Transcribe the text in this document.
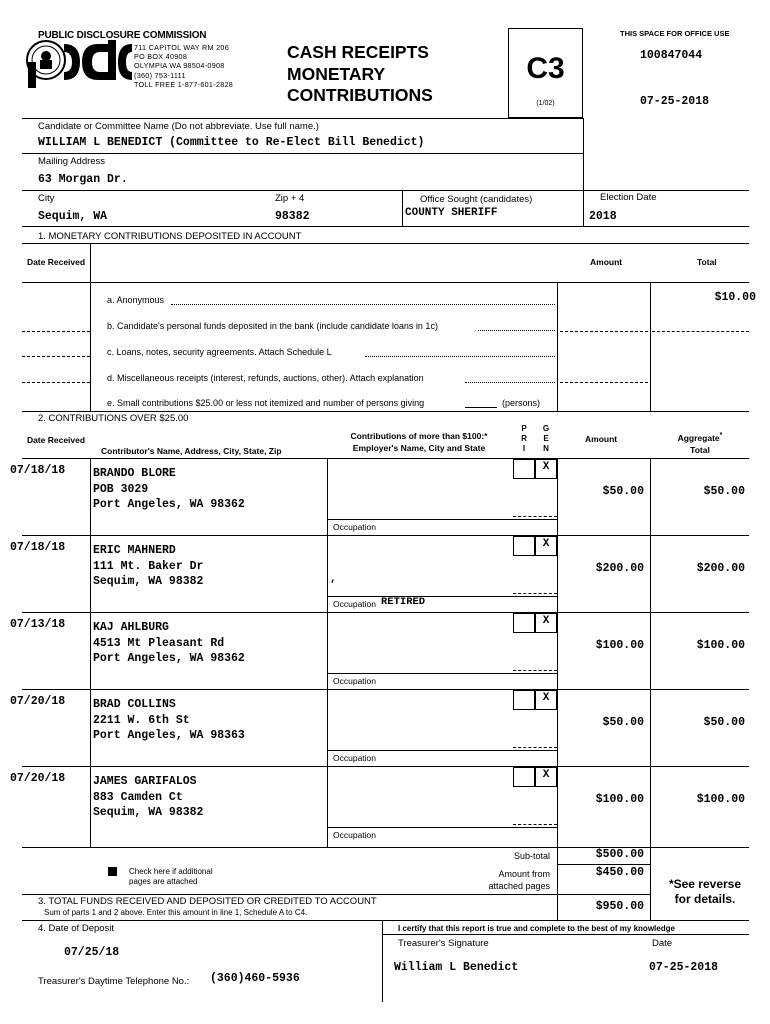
PUBLIC DISCLOSURE COMMISSION
711 CAPITOL WAY RM 206
PO BOX 40908
OLYMPIA WA 98504-0908
(360) 753-1111
TOLL FREE 1-877-601-2828
CASH RECEIPTS
MONETARY
CONTRIBUTIONS
C3
(1/02)
THIS SPACE FOR OFFICE USE
100847044
07-25-2018
Candidate or Committee Name (Do not abbreviate. Use full name.)
WILLIAM L BENEDICT (Committee to Re-Elect Bill Benedict)
Mailing Address
63 Morgan Dr.
City
Sequim, WA
Zip + 4
98382
Office Sought (candidates)
COUNTY SHERIFF
Election Date
2018
1. MONETARY CONTRIBUTIONS DEPOSITED IN ACCOUNT
Date Received	Amount	Total
a. Anonymous	$10.00
b. Candidate's personal funds deposited in the bank (include candidate loans in 1c)
c. Loans, notes, security agreements. Attach Schedule L
d. Miscellaneous receipts (interest, refunds, auctions, other). Attach explanation
e. Small contributions $25.00 or less not itemized and number of persons giving	(persons)
2. CONTRIBUTIONS OVER $25.00
Date Received
Contributor's Name, Address, City, State, Zip
Contributions of more than $100:*
Employer's Name, City and State
P
R
I
G
E
N
Amount	Aggregate*
Total
07/18/18 BRANDO BLORE
POB 3029
Port Angeles, WA 98362
X
Occupation
$50.00	$50.00
07/18/18 ERIC MAHNERD
111 Mt. Baker Dr
Sequim, WA 98382	,
X
Occupation RETIRED
$200.00	$200.00
07/13/18 KAJ AHLBURG
4513 Mt Pleasant Rd
Port Angeles, WA 98362
X
Occupation
$100.00	$100.00
07/20/18 BRAD COLLINS
2211 W. 6th St
Port Angeles, WA 98363
X
Occupation
$50.00	$50.00
07/20/18 JAMES GARIFALOS
883 Camden Ct
Sequim, WA 98382
X
Occupation
$100.00	$100.00
Check here if additional
pages are attached
Sub-total	$500.00
Amount from
attached pages
$450.00
*See reverse
for details.
3. TOTAL FUNDS RECEIVED AND DEPOSITED OR CREDITED TO ACCOUNT
Sum of parts 1 and 2 above. Enter this amount in line 1, Schedule A to C4.	$950.00
4. Date of Deposit
07/25/18
I certify that this report is true and complete to the best of my knowledge
Treasurer's Signature	Date
William L Benedict	07-25-2018
Treasurer's Daytime Telephone No.: (360)460-5936
